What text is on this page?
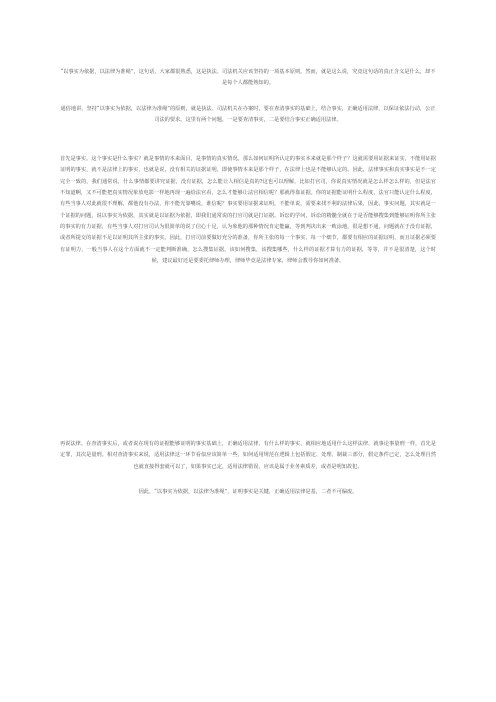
“以事实为依据，以法律为准绳”，这句话，大家都很熟悉，这是执法、司法机关应该坚持的一项基本原则。然而，就是这么说，究竟这句话的真正含义是什么，却不是每个人都能熟知的。

通俗地讲，坚持“以事实为依据，以法律为准绳”的原则，就是执法、司法机关在办案时，要在查清事实的基础上，结合事实，正确适用法律，以保证依法行动，公正司法的要求。这里有两个问题，一是要查清事实，二是要结合事实正确适用法律。

首先是事实。这个事实是什么事实？就是事情的本来面目，是事情的真实情况。那么如何证明所认定的事实本来就是那个样子？这就需要用证据来证实，不能用证据证明的事实，就不是法律上的事实，也就是说，没有相关的证据证明，即使事情本来是那个样子，在法律上也是不能够认定的。因此，法律事实和真实事实是不一定完全一致的，我们通常说，什么事情都要讲究证据，没有证据，怎么能让人相信是真的?这也可以理解，比如打官司，你说真实情况就是怎么样怎么样的，但是法官不知道啊，又不可能把真实情况象放电影一样地再现一遍给法官看，怎么才能够让法官相信呢？那就得靠证据。你的证据能证明什么程度，法官只能认定什么程度，有些当事人对此就很不理解，都他没有办法，你不能光靠嘴说，谁信呢？事实要用证据来证明，不能单说，需要来找不利的法律后果，因此，事实问题，其实就是一个证据的问题，说以事实为依据，其实就是以证据为依据，即我们通常说的打官司就是打证据。诉讼的学问，诉讼的精髓全就在于是否能够搜集到能够证明你所主张的事实的有力证据，有些当事人对打官司认为很简单的说了信心十足，认为象他的那种情况肯定能赢，等到判决出来一败涂地，很是想不通，问题就在于没有证据，或者所提交的证据不足以证明其所主张的事实。因此，打官司前要做好充分的准备，你所主张的每一个事实、每一个细节，都要有相应的证据证明，而且证据必须要有证明力，一般当事人在这个方面就不一定能判断准确，怎么搜集证据，该如何搜集，该搜集哪些，什么样的证据才算有力的证据，等等，并不是很清楚，这个时候，建议最好还是要委托律师办理，律师毕竟是法律专家，律师会教导你如何准备。

再说法律。在查清事实后，或者说在现有的证据能够证明的事实基础上，正确适用法律，有什么样的事实，就相应地适用什么这样法律，就事论事量刑一样，首先是定罪，其次是量刑。相对查清事实来说，适用法律这一环节看似应该简单一些，如何适用规范在逻辑上包括假定、处理、制裁三部分，假定条件已定，怎么处理自然也就直接得套就可以了，如果事实已定，适用法律错误，应该是属于业务素质差，或者是明知故犯。

因此，“以事实为依据，以法律为准绳”，证明事实是关键，正确适用法律是基，二者不可偏废。
